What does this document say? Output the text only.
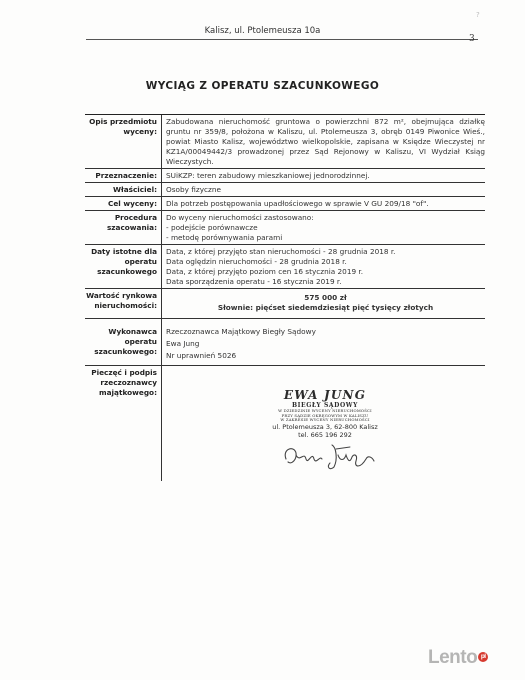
?
Kalisz, ul. Ptolemeusza 10a
3
WYCIĄG Z OPERATU SZACUNKOWEGO
Opis przedmiotu wyceny:
Zabudowana nieruchomość gruntowa o powierzchni 872 m², obejmująca działkę gruntu nr 359/8, położona w Kaliszu, ul. Ptolemeusza 3, obręb 0149 Piwonice Wieś., powiat Miasto Kalisz, województwo wielkopolskie, zapisana w Księdze Wieczystej nr KZ1A/00049442/3 prowadzonej przez Sąd Rejonowy w Kaliszu, VI Wydział Ksiąg Wieczystych.
Przeznaczenie:	SUiKZP: teren zabudowy mieszkaniowej jednorodzinnej.
Właściciel:	Osoby fizyczne
Cel wyceny:	Dla potrzeb postępowania upadłościowego w sprawie V GU 209/18 "of".
Procedura szacowania:
Do wyceny nieruchomości zastosowano:
- podejście porównawcze
- metodę porównywania parami
Daty istotne dla operatu szacunkowego
Data, z której przyjęto stan nieruchomości - 28 grudnia 2018 r.
Data oględzin nieruchomości - 28 grudnia 2018 r.
Data, z której przyjęto poziom cen 16 stycznia 2019 r.
Data sporządzenia operatu - 16 stycznia 2019 r.
Wartość rynkowa nieruchomości:
575 000 zł
Słownie: pięćset siedemdziesiąt pięć tysięcy złotych
Wykonawca operatu szacunkowego:
Rzeczoznawca Majątkowy Biegły Sądowy
Ewa Jung
Nr uprawnień 5026
Pieczęć i podpis rzeczoznawcy majątkowego:	EWA JUNG
BIEGŁY SĄDOWY
W DZIEDZINIE WYCENY NIERUCHOMOŚCI
PRZY SĄDZIE OKRĘGOWYM W KALISZU
W ZAKRESIE WYCENY NIERUCHOMOŚCI
ul. Ptolemeusza 3, 62-800 Kalisz
tel. 665 196 292
Lento pl
